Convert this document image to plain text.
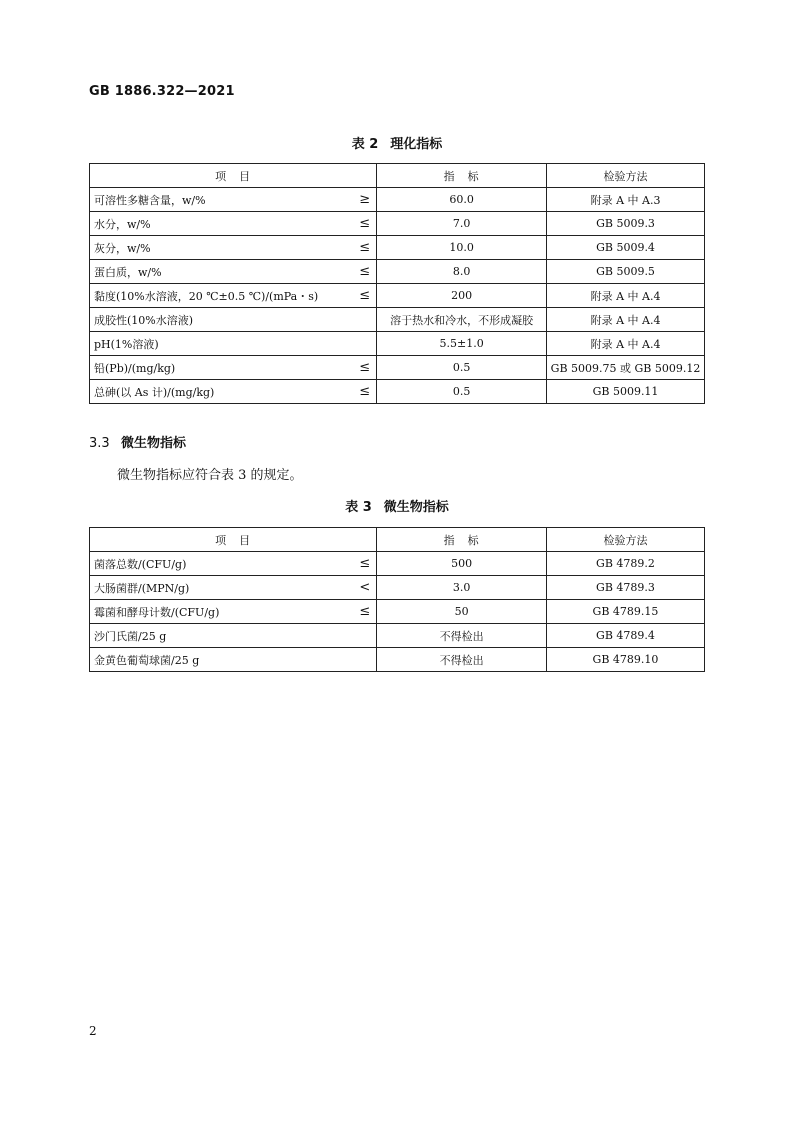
GB 1886.322—2021
表 2 理化指标
项　目	指　标	检验方法

可溶性多糖含量，w/% ≥	60.0	附录 A 中 A.3

水分，w/% ≤	7.0	GB 5009.3

灰分，w/% ≤	10.0	GB 5009.4

蛋白质，w/% ≤	8.0	GB 5009.5

黏度(10%水溶液，20 ℃±0.5 ℃)/(mPa・s) ≤	200	附录 A 中 A.4

成胶性(10%水溶液)	溶于热水和冷水，不形成凝胶	附录 A 中 A.4

pH(1%溶液)	5.5±1.0	附录 A 中 A.4

铅(Pb)/(mg/kg) ≤	0.5	GB 5009.75 或 GB 5009.12

总砷(以 As 计)/(mg/kg) ≤	0.5	GB 5009.11
3.3 微生物指标
微生物指标应符合表 3 的规定。
表 3 微生物指标
项　目	指　标	检验方法

菌落总数/(CFU/g) ≤	500	GB 4789.2

大肠菌群/(MPN/g) <	3.0	GB 4789.3

霉菌和酵母计数/(CFU/g) ≤	50	GB 4789.15

沙门氏菌/25 g	不得检出	GB 4789.4

金黄色葡萄球菌/25 g	不得检出	GB 4789.10
2
